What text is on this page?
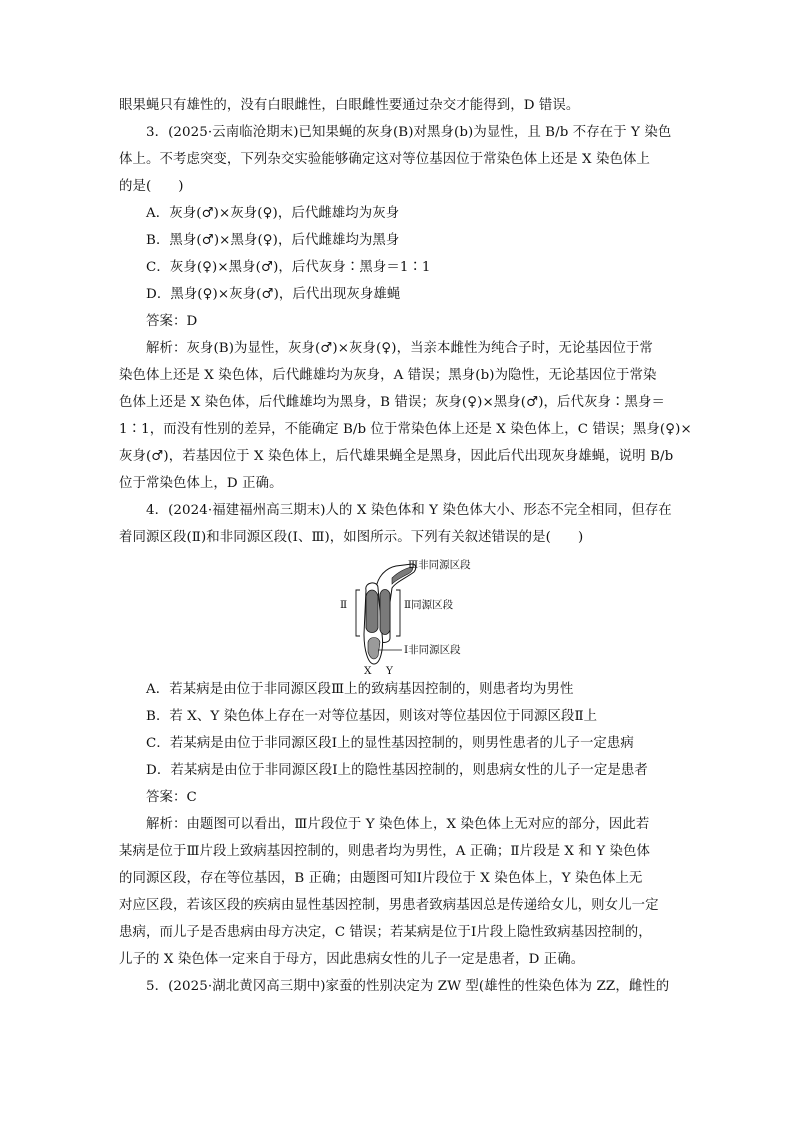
眼果蝇只有雄性的，没有白眼雌性，白眼雌性要通过杂交才能得到，D 错误。
3．(2025·云南临沧期末)已知果蝇的灰身(B)对黑身(b)为显性，且 B/b 不存在于 Y 染色
体上。不考虑突变，下列杂交实验能够确定这对等位基因位于常染色体上还是 X 染色体上
的是(　　)
A．灰身(♂)×灰身(♀)，后代雌雄均为灰身
B．黑身(♂)×黑身(♀)，后代雌雄均为黑身
C．灰身(♀)×黑身(♂)，后代灰身∶黑身＝1∶1
D．黑身(♀)×灰身(♂)，后代出现灰身雄蝇
答案：D
解析：灰身(B)为显性，灰身(♂)×灰身(♀)，当亲本雌性为纯合子时，无论基因位于常
染色体上还是 X 染色体，后代雌雄均为灰身，A 错误；黑身(b)为隐性，无论基因位于常染
色体上还是 X 染色体，后代雌雄均为黑身，B 错误；灰身(♀)×黑身(♂)，后代灰身∶黑身＝
1∶1，而没有性别的差异，不能确定 B/b 位于常染色体上还是 X 染色体上，C 错误；黑身(♀)×
灰身(♂)，若基因位于 X 染色体上，后代雄果蝇全是黑身，因此后代出现灰身雄蝇，说明 B/b
位于常染色体上，D 正确。
4．(2024·福建福州高三期末)人的 X 染色体和 Y 染色体大小、形态不完全相同，但存在
着同源区段(Ⅱ)和非同源区段(Ⅰ、Ⅲ)，如图所示。下列有关叙述错误的是(　　)
Ⅲ非同源区段
Ⅱ	Ⅱ同源区段
Ⅰ非同源区段
X Y
A．若某病是由位于非同源区段Ⅲ上的致病基因控制的，则患者均为男性
B．若 X、Y 染色体上存在一对等位基因，则该对等位基因位于同源区段Ⅱ上
C．若某病是由位于非同源区段Ⅰ上的显性基因控制的，则男性患者的儿子一定患病
D．若某病是由位于非同源区段Ⅰ上的隐性基因控制的，则患病女性的儿子一定是患者
答案：C
解析：由题图可以看出，Ⅲ片段位于 Y 染色体上，X 染色体上无对应的部分，因此若
某病是位于Ⅲ片段上致病基因控制的，则患者均为男性，A 正确；Ⅱ片段是 X 和 Y 染色体
的同源区段，存在等位基因，B 正确；由题图可知Ⅰ片段位于 X 染色体上，Y 染色体上无
对应区段，若该区段的疾病由显性基因控制，男患者致病基因总是传递给女儿，则女儿一定
患病，而儿子是否患病由母方决定，C 错误；若某病是位于Ⅰ片段上隐性致病基因控制的，
儿子的 X 染色体一定来自于母方，因此患病女性的儿子一定是患者，D 正确。
5．(2025·湖北黄冈高三期中)家蚕的性别决定为 ZW 型(雄性的性染色体为 ZZ，雌性的
